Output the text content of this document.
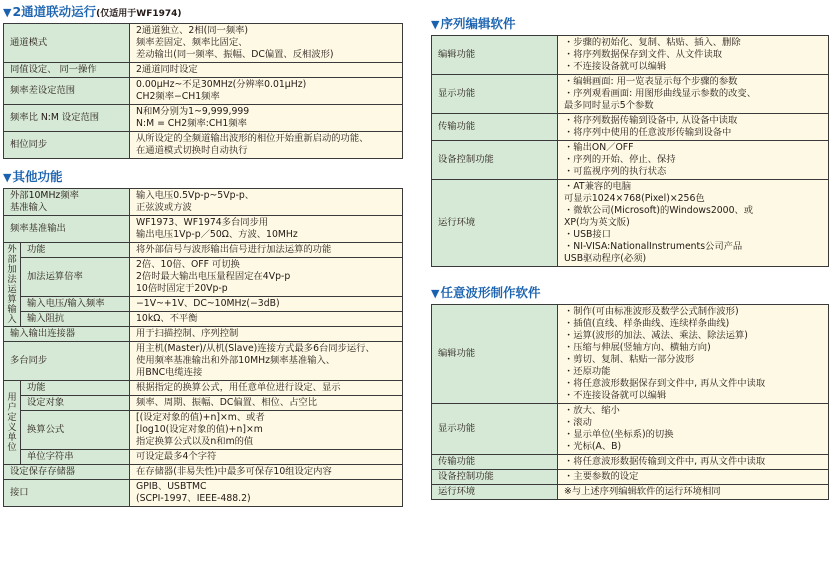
▼2通道联动运行(仅适用于WF1974)
通道模式	2通道独立、2相(同一频率)
频率差固定、频率比固定、
差动输出(同一频率、振幅、DC偏置、反相波形)

同值设定、 同一操作	2通道同时设定

频率差设定范围	0.00μHz~不足30MHz(分辨率0.01μHz)
CH2频率−CH1频率

频率比 N:M 设定范围	N和M分别为1~9,999,999
N:M = CH2频率:CH1频率

相位同步	从所设定的全频道输出波形的相位开始重新启动的功能、
在通道模式切换时自动执行
▼其他功能
外部10MHz频率
基准输入		输入电压0.5Vp-p~5Vp-p、
正弦波或方波

频率基准输出		WF1973、WF1974多台同步用
输出电压1Vp-p／50Ω、方波、10MHz

外部加法运算输入	功能	将外部信号与波形输出信号进行加法运算的功能

	加法运算倍率	2倍、10倍、OFF 可切换
2倍时最大输出电压量程固定在4Vp-p
10倍时固定于20Vp-p

	输入电压/输入频率	−1V~+1V、DC~10MHz(−3dB)

	输入阻抗	10kΩ、不平衡

输入输出连接器		用于扫描控制、序列控制

多台同步		用主机(Master)/从机(Slave)连接方式最多6台同步运行、
使用频率基准输出和外部10MHz频率基准输入、
用BNC电缆连接

用户定义单位	功能	根据指定的换算公式，用任意单位进行设定、显示

	设定对象	频率、周期、振幅、DC偏置、相位、占空比

	换算公式	[(设定对象的值)+n]×m、或者
[log10(设定对象的值)+n]×m
指定换算公式以及n和m的值

	单位字符串	可设定最多4个字符

设定保存存储器		在存储器(非易失性)中最多可保存10组设定内容

接口		GPIB、USBTMC
(SCPI-1997、IEEE-488.2)
▼序列编辑软件
编辑功能	・步骤的初始化、复制、粘贴、插入、删除
・将序列数据保存到文件、从文件读取
・不连接设备就可以编辑

显示功能	・编辑画面: 用一览表显示每个步骤的参数
・序列观看画面: 用图形曲线显示参数的改变、
最多同时显示5个参数

传输功能	・将序列数据传输到设备中, 从设备中读取
・将序列中使用的任意波形传输到设备中

设备控制功能	・输出ON／OFF
・序列的开始、停止、保持
・可监视序列的执行状态

运行环境	
・AT兼容的电脑
可显示1024×768(Pixel)×256色
・微软公司(Microsoft)的Windows2000、或
XP(均为英文版)
・USB接口
・NI-VISA:NationalInstruments公司产品
USB驱动程序(必须)
▼任意波形制作软件
编辑功能	
・制作(可由标准波形及数学公式制作波形)
・插值(直线、样条曲线、连续样条曲线)
・运算(波形的加法、减法、乘法、除法运算)
・压缩与伸展(竖轴方向、横轴方向)
・剪切、复制、粘贴一部分波形
・还原功能
・将任意波形数据保存到文件中, 再从文件中读取
・不连接设备就可以编辑

显示功能	・放大、缩小
・滚动
・显示单位(坐标系)的切换
・光标(A、B)

传输功能	・将任意波形数据传输到文件中, 再从文件中读取

设备控制功能	・主要参数的设定

运行环境	※与上述序列编辑软件的运行环境相同
